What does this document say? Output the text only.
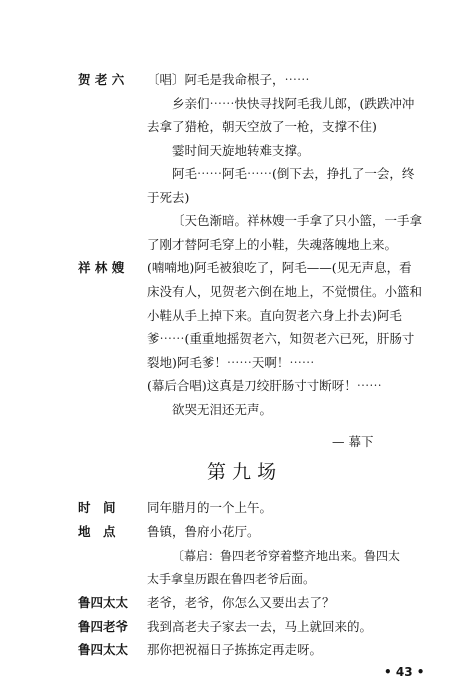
贺 老 六 〔唱〕阿毛是我命根子，⋯⋯
乡亲们⋯⋯快快寻找阿毛我儿郎，(跌跌冲冲
去拿了猎枪，朝天空放了一枪，支撑不住)
霎时间天旋地转难支撑。
阿毛⋯⋯阿毛⋯⋯(倒下去，挣扎了一会，终
于死去)
〔天色渐暗。祥林嫂一手拿了只小篮，一手拿
了刚才替阿毛穿上的小鞋，失魂落魄地上来。
祥 林 嫂 (喃喃地)阿毛被狼吃了，阿毛——(见无声息，看
床没有人，见贺老六倒在地上，不觉惯住。小篮和
小鞋从手上掉下来。直向贺老六身上扑去)阿毛
爹⋯⋯(重重地摇贺老六，知贺老六已死，肝肠寸
裂地)阿毛爹！⋯⋯天啊！⋯⋯
(幕后合唱)这真是刀绞肝肠寸寸断呀！⋯⋯
欲哭无泪还无声。
— 幕下
第 九 场
时　间	同年腊月的一个上午。
地　点	鲁镇，鲁府小花厅。
〔幕启：鲁四老爷穿着整齐地出来。鲁四太
太手拿皇历跟在鲁四老爷后面。
鲁四太太 老爷，老爷，你怎么又要出去了？
鲁四老爷 我到高老夫子家去一去，马上就回来的。
鲁四太太 那你把祝福日子拣拣定再走呀。
• 43 •
